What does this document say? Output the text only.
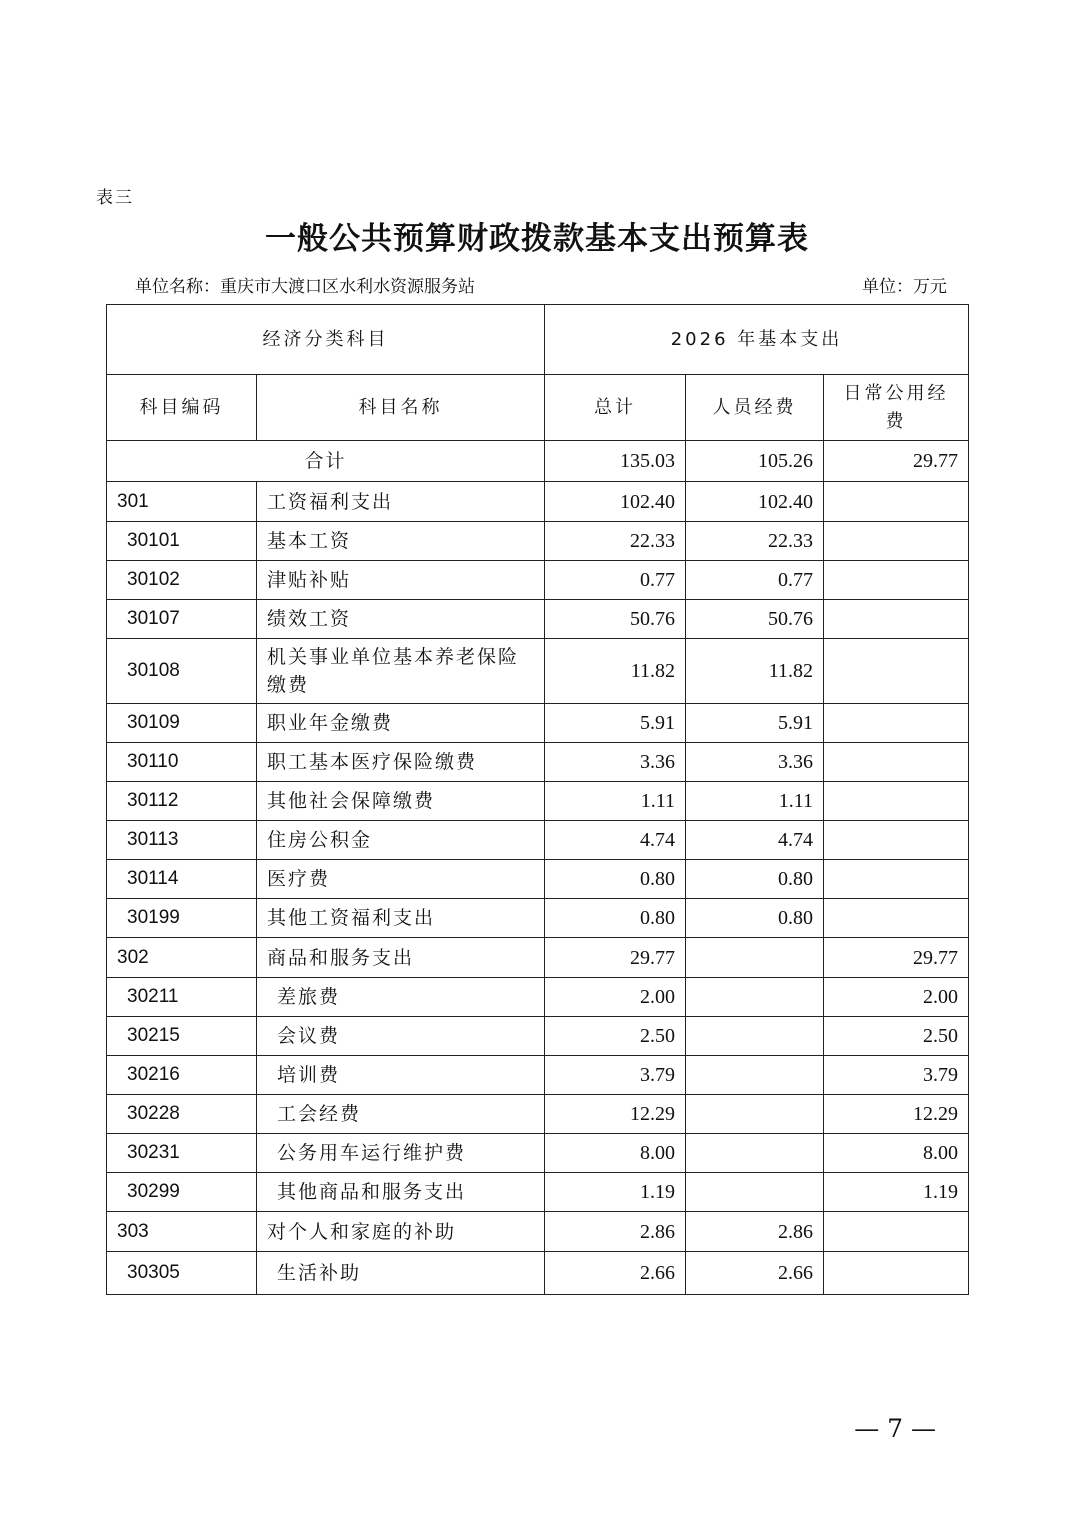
表三
一般公共预算财政拨款基本支出预算表
单位名称：重庆市大渡口区水利水资源服务站	单位：万元
经济分类科目		2026 年基本支出		
科目编码	科目名称	总计	人员经费	日常公用经费
合计		135.03	105.26	29.77
301	工资福利支出	102.40	102.40	
30101	基本工资	22.33	22.33	
30102	津贴补贴	0.77	0.77	
30107	绩效工资	50.76	50.76	
30108	机关事业单位基本养老保险缴费	11.82	11.82	
30109	职业年金缴费	5.91	5.91	
30110	职工基本医疗保险缴费	3.36	3.36	
30112	其他社会保障缴费	1.11	1.11	
30113	住房公积金	4.74	4.74	
30114	医疗费	0.80	0.80	
30199	其他工资福利支出	0.80	0.80	
302	商品和服务支出	29.77		29.77
30211	差旅费	2.00		2.00
30215	会议费	2.50		2.50
30216	培训费	3.79		3.79
30228	工会经费	12.29		12.29
30231	公务用车运行维护费	8.00		8.00
30299	其他商品和服务支出	1.19		1.19
303	对个人和家庭的补助	2.86	2.86	
30305	生活补助	2.66	2.66	
— 7 —
